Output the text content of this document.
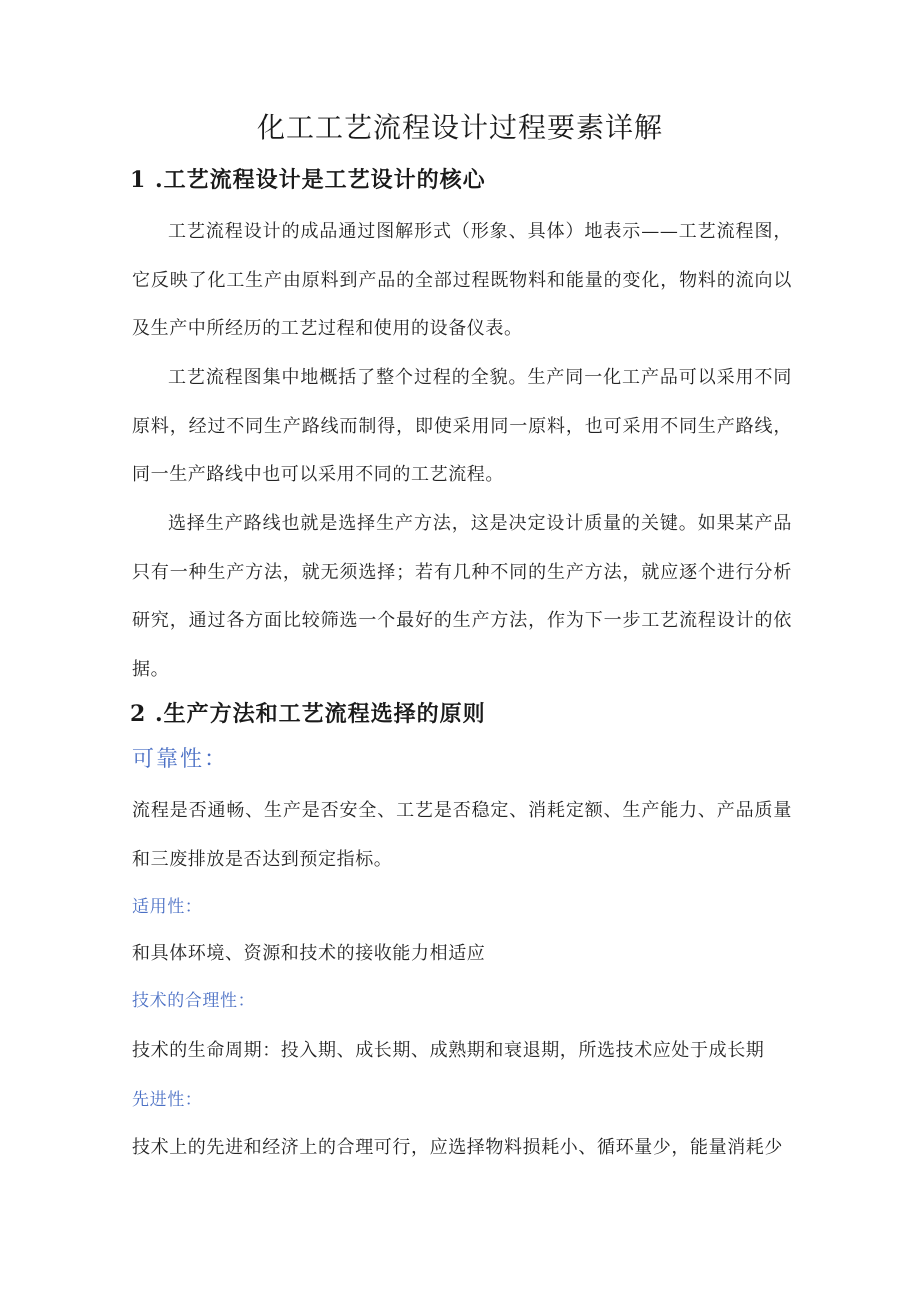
化工工艺流程设计过程要素详解
1 .工艺流程设计是工艺设计的核心
工艺流程设计的成品通过图解形式（形象、具体）地表示——工艺流程图，它反映了化工生产由原料到产品的全部过程既物料和能量的变化，物料的流向以及生产中所经历的工艺过程和使用的设备仪表。
工艺流程图集中地概括了整个过程的全貌。生产同一化工产品可以采用不同原料，经过不同生产路线而制得，即使采用同一原料，也可采用不同生产路线，同一生产路线中也可以采用不同的工艺流程。
选择生产路线也就是选择生产方法，这是决定设计质量的关键。如果某产品只有一种生产方法，就无须选择；若有几种不同的生产方法，就应逐个进行分析研究，通过各方面比较筛选一个最好的生产方法，作为下一步工艺流程设计的依据。
2 .生产方法和工艺流程选择的原则
可靠性：
流程是否通畅、生产是否安全、工艺是否稳定、消耗定额、生产能力、产品质量和三废排放是否达到预定指标。
适用性：
和具体环境、资源和技术的接收能力相适应
技术的合理性：
技术的生命周期：投入期、成长期、成熟期和衰退期，所选技术应处于成长期
先进性：
技术上的先进和经济上的合理可行，应选择物料损耗小、循环量少，能量消耗少
